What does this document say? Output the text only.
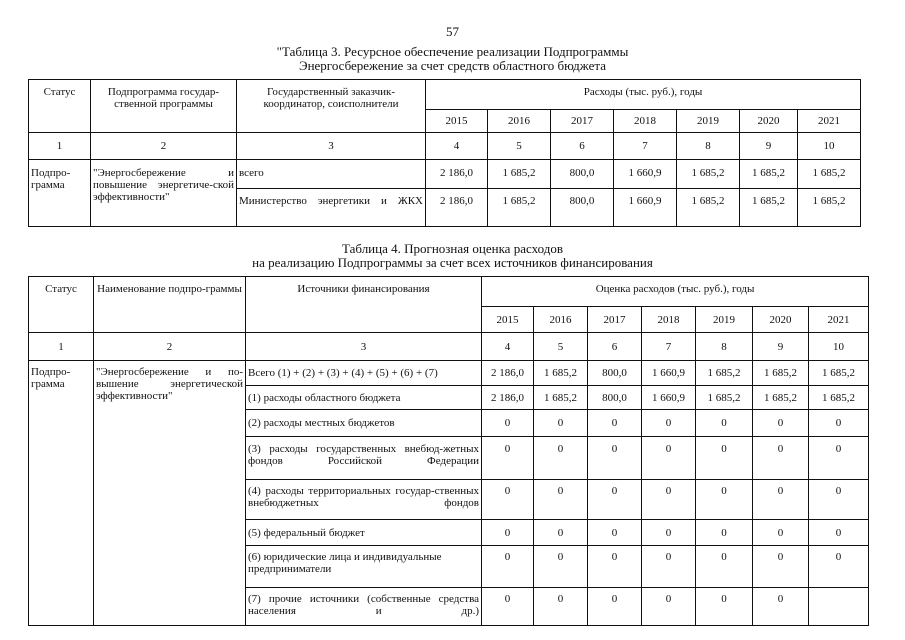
57
"Таблица 3. Ресурсное обеспечение реализации Подпрограммы
Энергосбережение за счет средств областного бюджета
Статус	Подпрограмма государ-ственной программы	Государственный заказчик-координатор, соисполнители	Расходы (тыс. руб.), годы						
			2015	2016	2017	2018	2019	2020	2021
1	2	3	4	5	6	7	8	9	10
Подпро-грамма	"Энергосбережение и повышение энергетиче-ской эффективности"	всего	2 186,0	1 685,2	800,0	1 660,9	1 685,2	1 685,2	1 685,2
		Министерство энергетики и ЖКХ	2 186,0	1 685,2	800,0	1 660,9	1 685,2	1 685,2	1 685,2
Таблица 4. Прогнозная оценка расходов
на реализацию Подпрограммы за счет всех источников финансирования
Статус	Наименование подпро-граммы	Источники финансирования	Оценка расходов (тыс. руб.), годы						
			2015	2016	2017	2018	2019	2020	2021
1	2	3	4	5	6	7	8	9	10
Подпро-грамма	"Энергосбережение и по-вышение энергетической эффективности"	Всего (1) + (2) + (3) + (4) + (5) + (6) + (7)	2 186,0	1 685,2	800,0	1 660,9	1 685,2	1 685,2	1 685,2
		(1) расходы областного бюджета	2 186,0	1 685,2	800,0	1 660,9	1 685,2	1 685,2	1 685,2
		(2) расходы местных бюджетов	0	0	0	0	0	0	0
		(3) расходы государственных внебюд-жетных фондов Российской Федерации	0	0	0	0	0	0	0
		(4) расходы территориальных государ-ственных внебюджетных фондов	0	0	0	0	0	0	0
		(5) федеральный бюджет	0	0	0	0	0	0	0
		(6) юридические лица и индивидуальные предприниматели	0	0	0	0	0	0	0
		(7) прочие источники (собственные средства населения и др.)	0	0	0	0	0	0	
